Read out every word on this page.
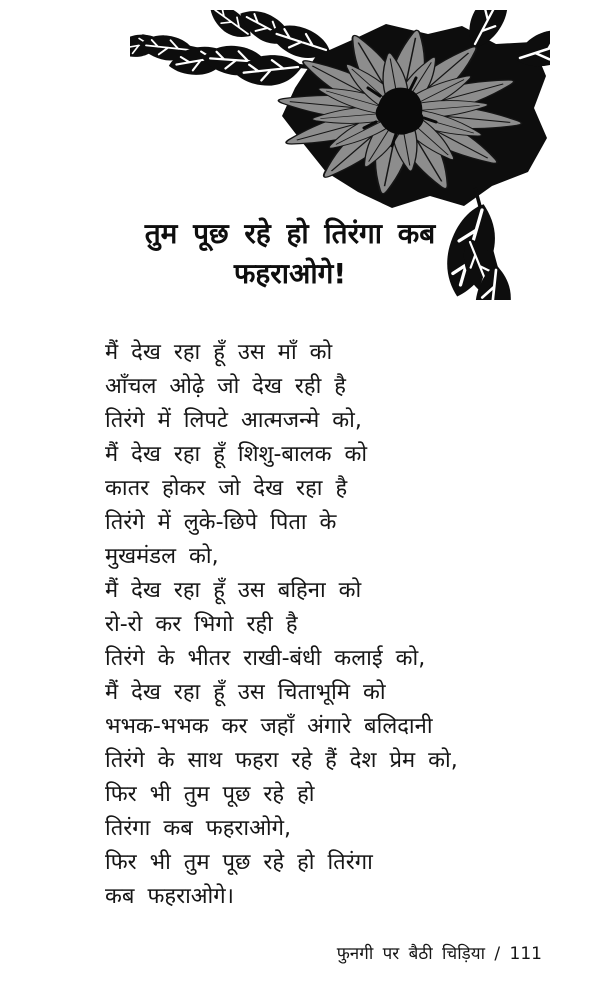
तुम पूछ रहे हो तिरंगा कब
फहराओगे!
मैं देख रहा हूँ उस माँ को
आँचल ओढ़े जो देख रही है
तिरंगे में लिपटे आत्मजन्मे को,
मैं देख रहा हूँ शिशु-बालक को
कातर होकर जो देख रहा है
तिरंगे में लुके-छिपे पिता के
मुखमंडल को,
मैं देख रहा हूँ उस बहिना को
रो-रो कर भिगो रही है
तिरंगे के भीतर राखी-बंधी कलाई को,
मैं देख रहा हूँ उस चिताभूमि को
भभक-भभक कर जहाँ अंगारे बलिदानी
तिरंगे के साथ फहरा रहे हैं देश प्रेम को,
फिर भी तुम पूछ रहे हो
तिरंगा कब फहराओगे,
फिर भी तुम पूछ रहे हो तिरंगा
कब फहराओगे।
फुनगी पर बैठी चिड़िया / 111
